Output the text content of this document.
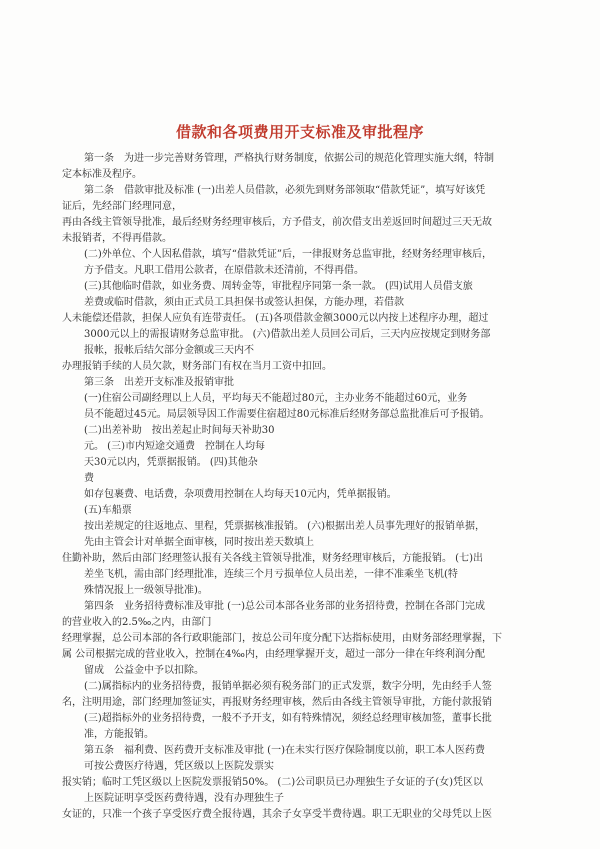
借款和各项费用开支标准及审批程序
第一条　为进一步完善财务管理，严格执行财务制度，依据公司的规范化管理实施大纲，特制
定本标准及程序。
第二条　借款审批及标准 (一)出差人员借款，必须先到财务部领取“借款凭证”，填写好该凭
证后，先经部门经理同意，
再由各线主管领导批准，最后经财务经理审核后，方予借支，前次借支出差返回时间超过三天无故
未报销者，不得再借款。
(二)外单位、个人因私借款，填写“借款凭证”后，一律报财务总监审批，经财务经理审核后，
方予借支。凡职工借用公款者，在原借款未还清前，不得再借。
(三)其他临时借款，如业务费、周转金等，审批程序同第一条一款。 (四)试用人员借支旅
差费或临时借款，须由正式员工具担保书或签认担保，方能办理，若借款
人未能偿还借款，担保人应负有连带责任。 (五)各项借款金额3000元以内按上述程序办理，超过
3000元以上的需报请财务总监审批。 (六)借款出差人员回公司后，三天内应按规定到财务部
报帐，报帐后结欠部分金额或三天内不
办理报销手续的人员欠款，财务部门有权在当月工资中扣回。
第三条　出差开支标准及报销审批
(一)住宿公司副经理以上人员，平均每天不能超过80元，主办业务不能超过60元，业务
员不能超过45元。局层领导因工作需要住宿超过80元标准后经财务部总监批准后可予报销。
(二)出差补助　按出差起止时间每天补助30
元。 (三)市内短途交通费　控制在人均每
天30元以内，凭票据报销。 (四)其他杂
费
如存包裹费、电话费，杂项费用控制在人均每天10元内，凭单据报销。
(五)车船票
按出差规定的往返地点、里程，凭票据核准报销。 (六)根据出差人员事先理好的报销单据，
先由主管会计对单据全面审核，同时按出差天数填上
住勤补助，然后由部门经理签认报有关各线主管领导批准，财务经理审核后，方能报销。 (七)出
差坐飞机，需由部门经理批准，连续三个月亏损单位人员出差，一律不准乘坐飞机(特
殊情况报上一级领导批准)。
第四条　业务招待费标准及审批 (一)总公司本部各业务部的业务招待费，控制在各部门完成
的营业收入的2.5‰之内，由部门
经理掌握，总公司本部的各行政职能部门，按总公司年度分配下达指标使用，由财务部经理掌握，下
属 公司根据完成的营业收入，控制在4‰内，由经理掌握开支，超过一部分一律在年终利润分配
留成　公益金中予以扣除。
(二)属指标内的业务招待费，报销单据必须有税务部门的正式发票，数字分明，先由经手人签
名，注明用途，部门经理加签证实，再报财务经理审核，然后由各线主管领导审批，方能付款报销
(三)超指标外的业务招待费，一般不予开支，如有特殊情况，须经总经理审核加签，董事长批
准，方能报销。
第五条　福利费、医药费开支标准及审批 (一)在未实行医疗保险制度以前，职工本人医药费
可按公费医疗待遇，凭区级以上医院发票实
报实销；临时工凭区级以上医院发票报销50%。 (二)公司职员已办理独生子女证的子(女)凭区以
上医院证明享受医药费待遇，没有办理独生子
女证的，只准一个孩子享受医疗费全报待遇，其余子女享受半费待遇。职工无职业的父母凭以上医
